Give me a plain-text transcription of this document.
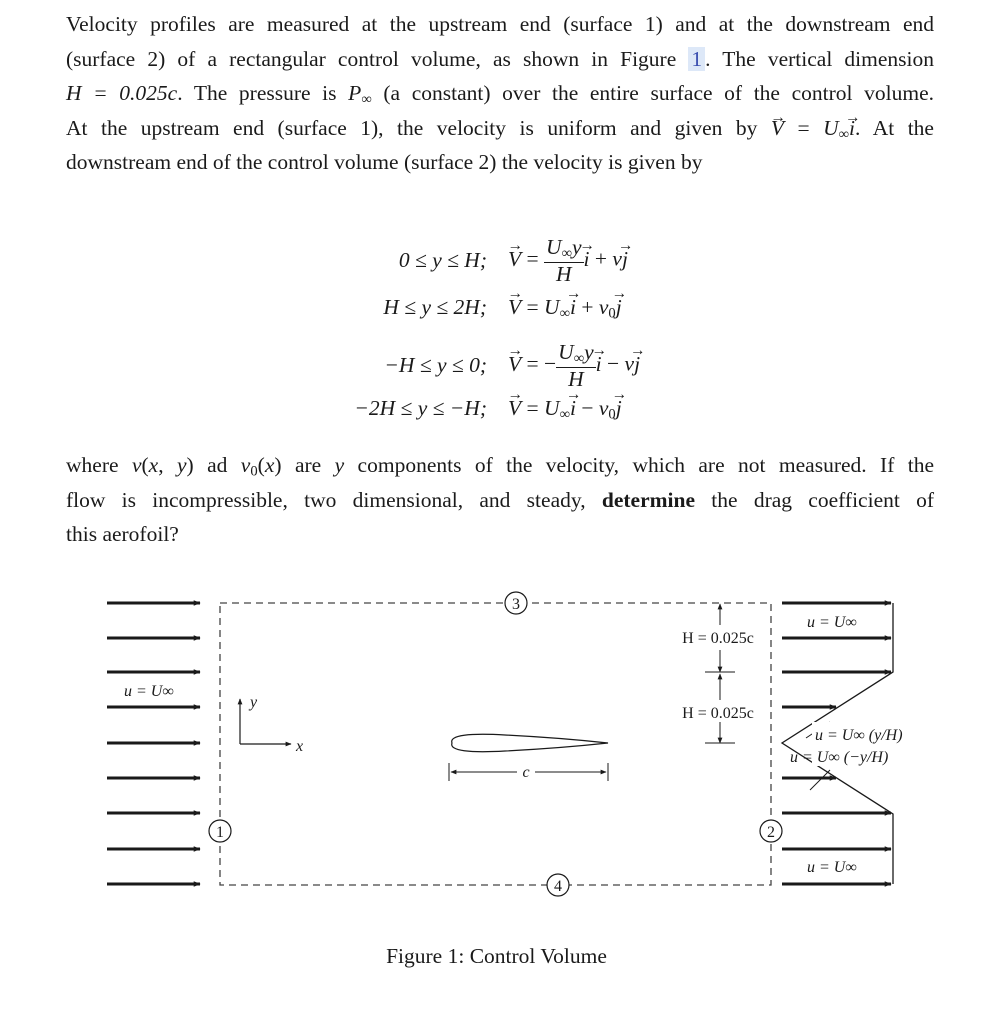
Velocity profiles are measured at the upstream end (surface 1) and at the downstream end
(surface 2) of a rectangular control volume, as shown in Figure 1 . The vertical dimension
H = 0.025c. The pressure is $P_\infty$ (a constant) over the entire surface of the control volume.
At the upstream end (surface 1), the velocity is uniform and given by → $V = U_\infty\to i$. At the
downstream end of the control volume (surface 2) the velocity is given by
0 ≤ y ≤ H;
→ $V = \frac{U_\infty y}{H}$
→ i + v→ j
H ≤ y ≤ 2H;
→ $V = U_\infty\to i + v_0\to j$
−H ≤ y ≤ 0;
→ V = − $\frac{U_\infty y}{H}$
→ i − v→ j
−2H ≤ y ≤ −H;
→ $V = U_\infty\to i - v_0\to j$
where v(x, y) ad $v_0(x)$ are y components of the velocity, which are not measured. If the
flow is incompressible, two dimensional, and steady, determine the drag coefficient of
this aerofoil?
u = U∞
1	2
3
4
y
x
c
H = 0.025c
H = 0.025c
u = U∞
u = U∞
u = U∞ (y/H)
u = U∞ (−y/H)
Figure 1: Control Volume
